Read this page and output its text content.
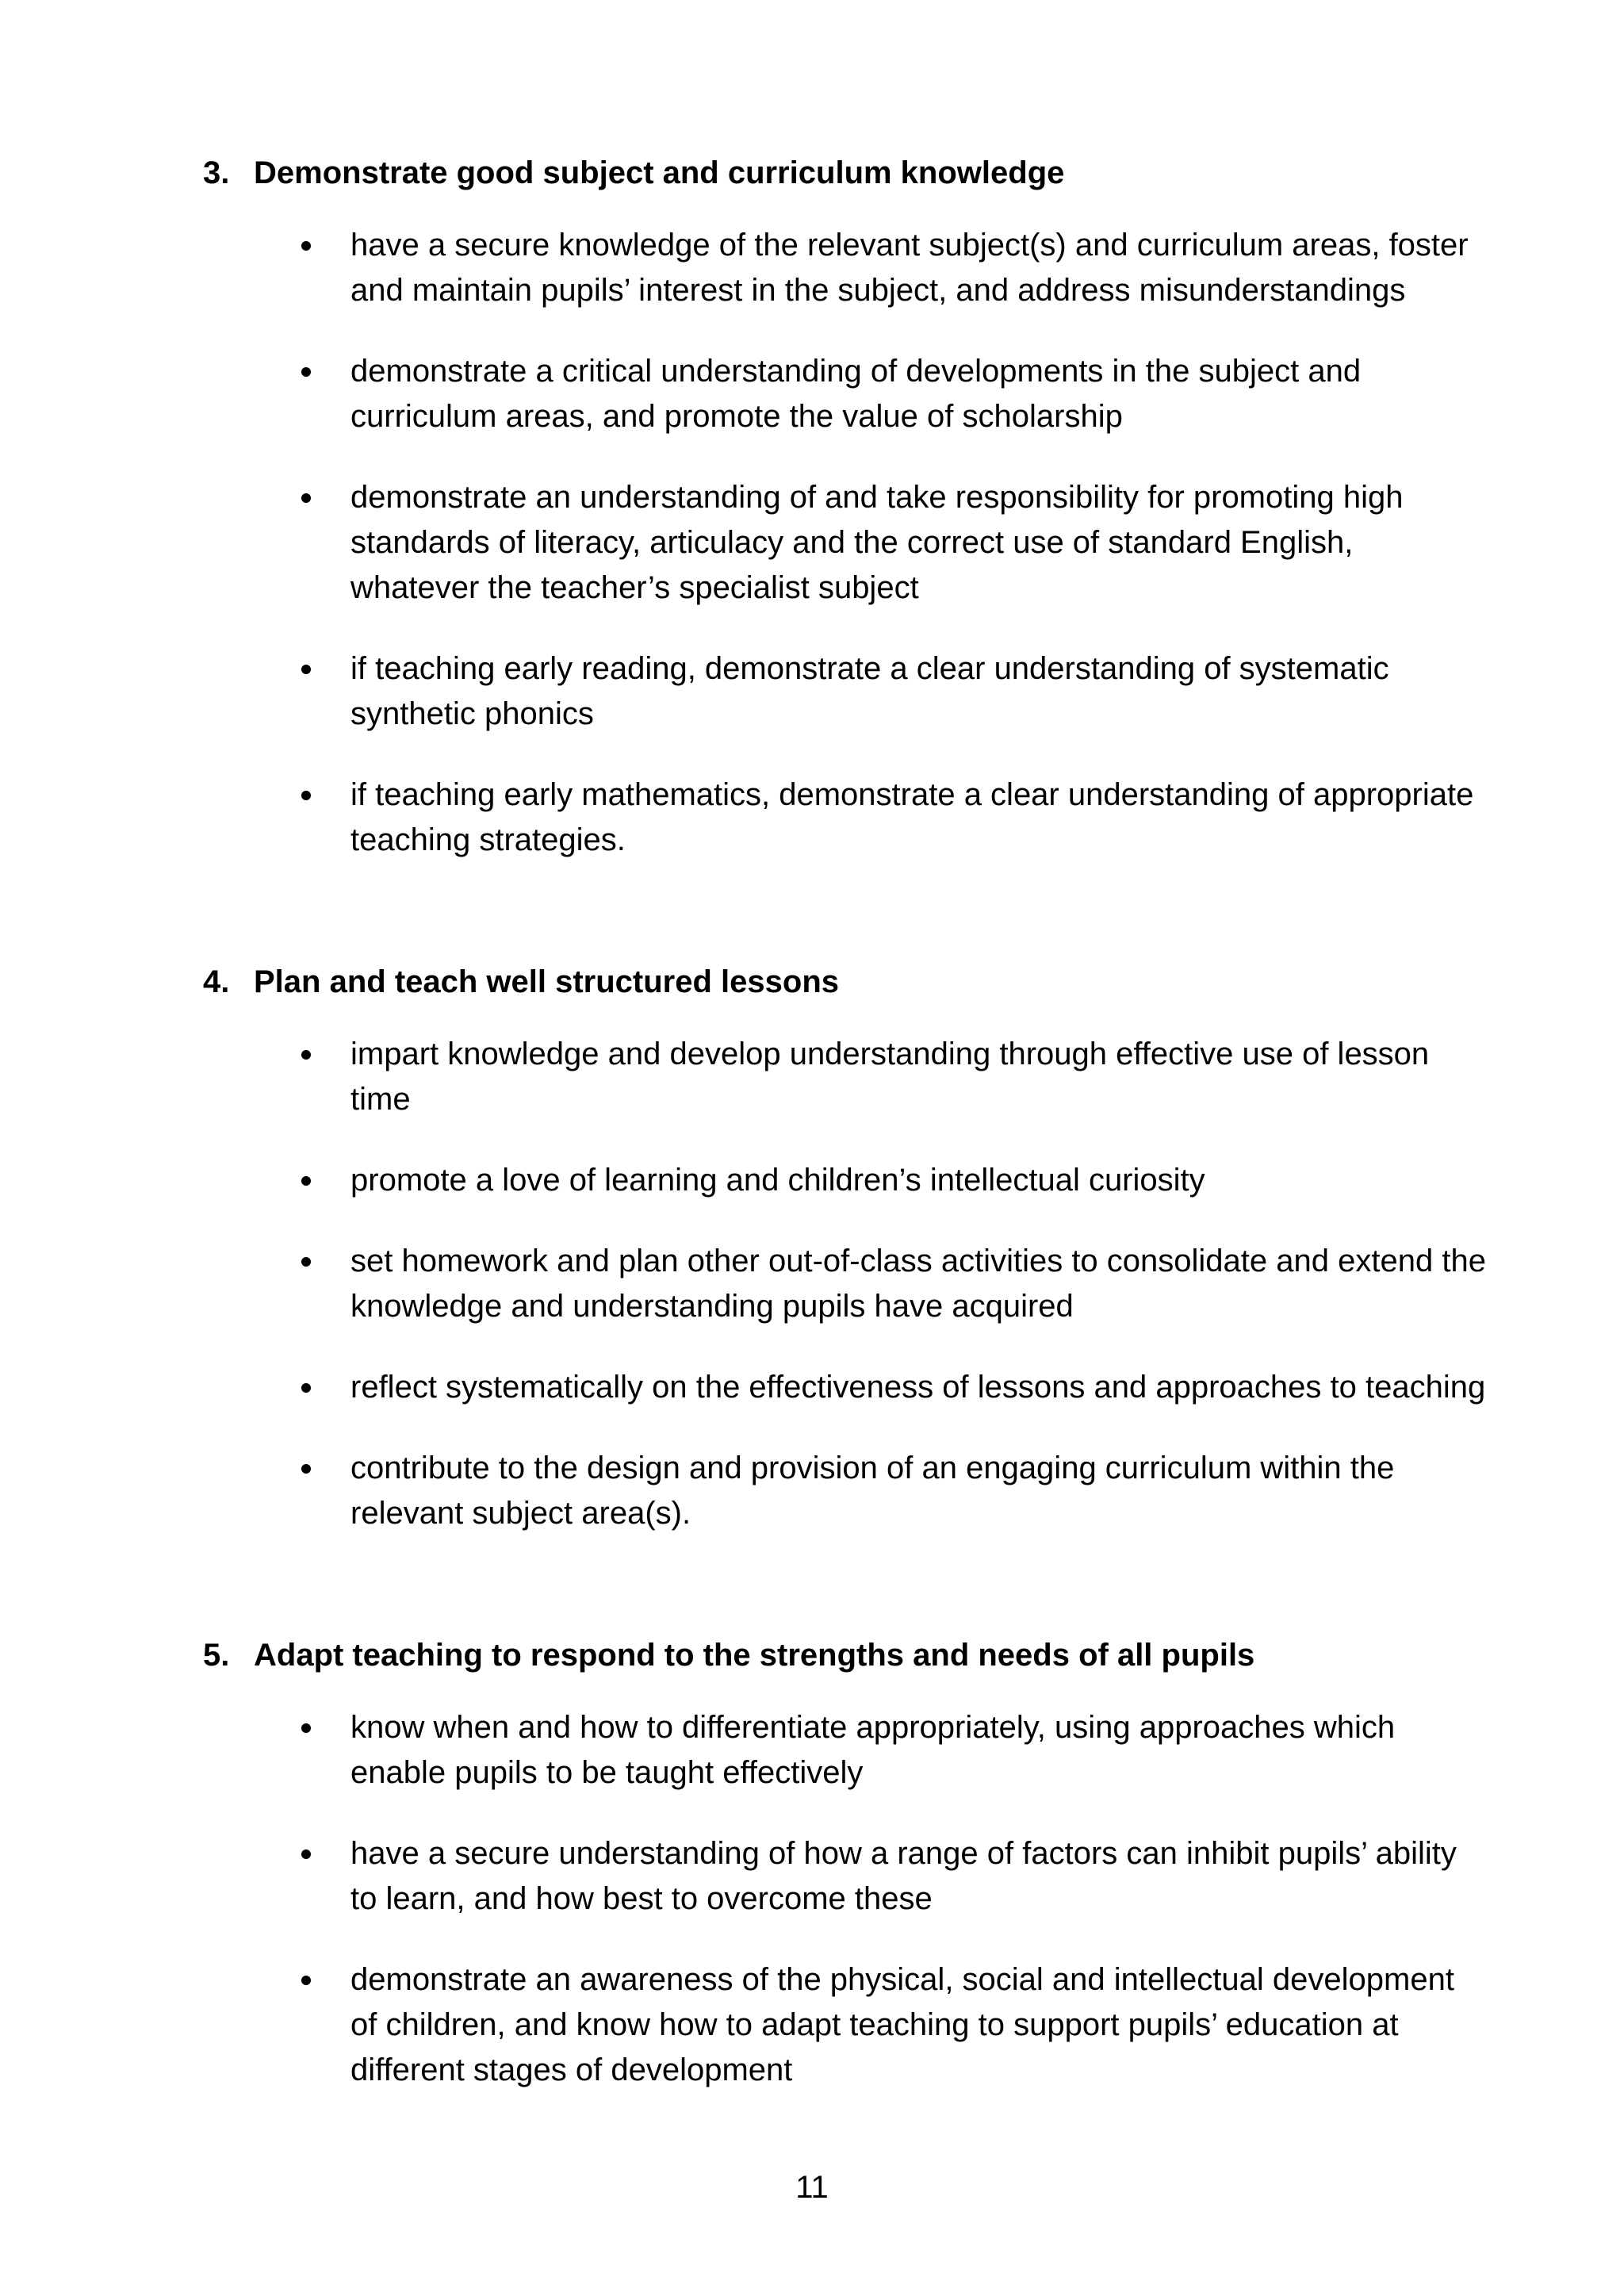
3. Demonstrate good subject and curriculum knowledge
have a secure knowledge of the relevant subject(s) and curriculum areas, foster and maintain pupils’ interest in the subject, and address misunderstandings
demonstrate a critical understanding of developments in the subject and curriculum areas, and promote the value of scholarship
demonstrate an understanding of and take responsibility for promoting high standards of literacy, articulacy and the correct use of standard English, whatever the teacher’s specialist subject
if teaching early reading, demonstrate a clear understanding of systematic synthetic phonics
if teaching early mathematics, demonstrate a clear understanding of appropriate teaching strategies.
4. Plan and teach well structured lessons
impart knowledge and develop understanding through effective use of lesson time
promote a love of learning and children’s intellectual curiosity
set homework and plan other out-of-class activities to consolidate and extend the knowledge and understanding pupils have acquired
reflect systematically on the effectiveness of lessons and approaches to teaching
contribute to the design and provision of an engaging curriculum within the relevant subject area(s).
5. Adapt teaching to respond to the strengths and needs of all pupils
know when and how to differentiate appropriately, using approaches which enable pupils to be taught effectively
have a secure understanding of how a range of factors can inhibit pupils’ ability to learn, and how best to overcome these
demonstrate an awareness of the physical, social and intellectual development of children, and know how to adapt teaching to support pupils’ education at different stages of development
11
